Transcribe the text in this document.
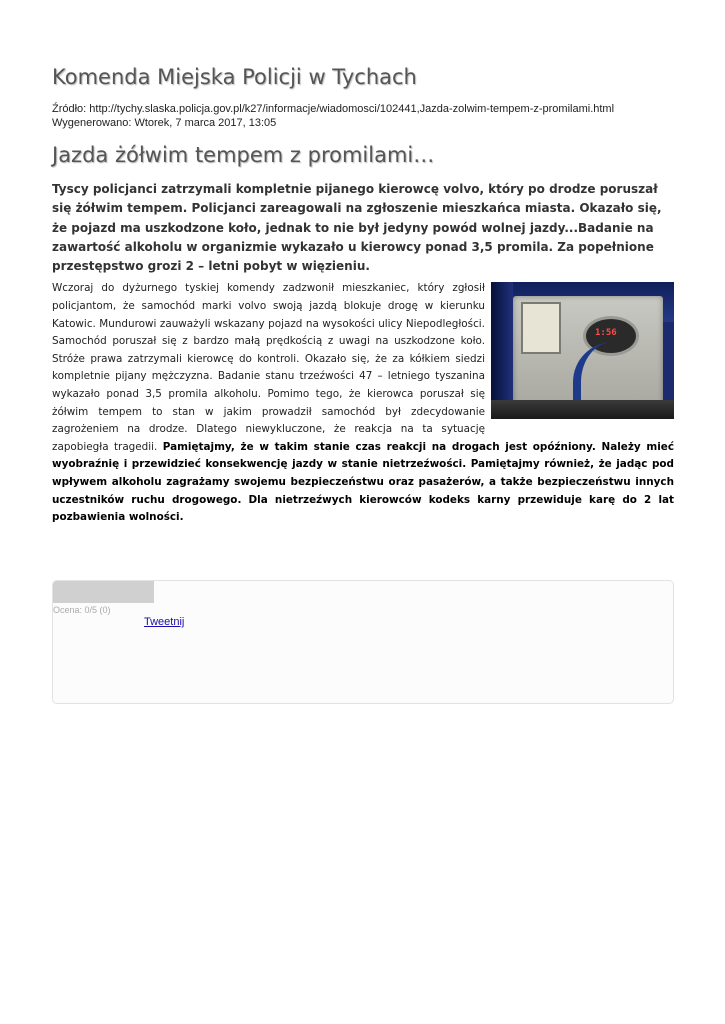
Komenda Miejska Policji w Tychach
Źródło: http://tychy.slaska.policja.gov.pl/k27/informacje/wiadomosci/102441,Jazda-zolwim-tempem-z-promilami.html
Wygenerowano: Wtorek, 7 marca 2017, 13:05
Jazda żółwim tempem z promilami…
Tyscy policjanci zatrzymali kompletnie pijanego kierowcę volvo, który po drodze poruszał się żółwim tempem. Policjanci zareagowali na zgłoszenie mieszkańca miasta. Okazało się, że pojazd ma uszkodzone koło, jednak to nie był jedyny powód wolnej jazdy...Badanie na zawartość alkoholu w organizmie wykazało u kierowcy ponad 3,5 promila. Za popełnione przestępstwo grozi 2 – letni pobyt w więzieniu.
1:56
Wczoraj do dyżurnego tyskiej komendy zadzwonił mieszkaniec, który zgłosił policjantom, że samochód marki volvo swoją jazdą blokuje drogę w kierunku Katowic. Mundurowi zauważyli wskazany pojazd na wysokości ulicy Niepodległości. Samochód poruszał się z bardzo małą prędkością z uwagi na uszkodzone koło. Stróże prawa zatrzymali kierowcę do kontroli. Okazało się, że za kółkiem siedzi kompletnie pijany mężczyzna. Badanie stanu trzeźwości 47 – letniego tyszanina wykazało ponad 3,5 promila alkoholu. Pomimo tego, że kierowca poruszał się żółwim tempem to stan w jakim prowadził samochód był zdecydowanie zagrożeniem na drodze. Dlatego niewykluczone, że reakcja na ta sytuację zapobiegła tragedii. Pamiętajmy, że w takim stanie czas reakcji na drogach jest opóźniony. Należy mieć wyobraźnię i przewidzieć konsekwencję jazdy w stanie nietrzeźwości. Pamiętajmy również, że jadąc pod wpływem alkoholu zagrażamy swojemu bezpieczeństwu oraz pasażerów, a także bezpieczeństwu innych uczestników ruchu drogowego. Dla nietrzeźwych kierowców kodeks karny przewiduje karę do 2 lat pozbawienia wolności.
Ocena: 0/5 (0)
Tweetnij
